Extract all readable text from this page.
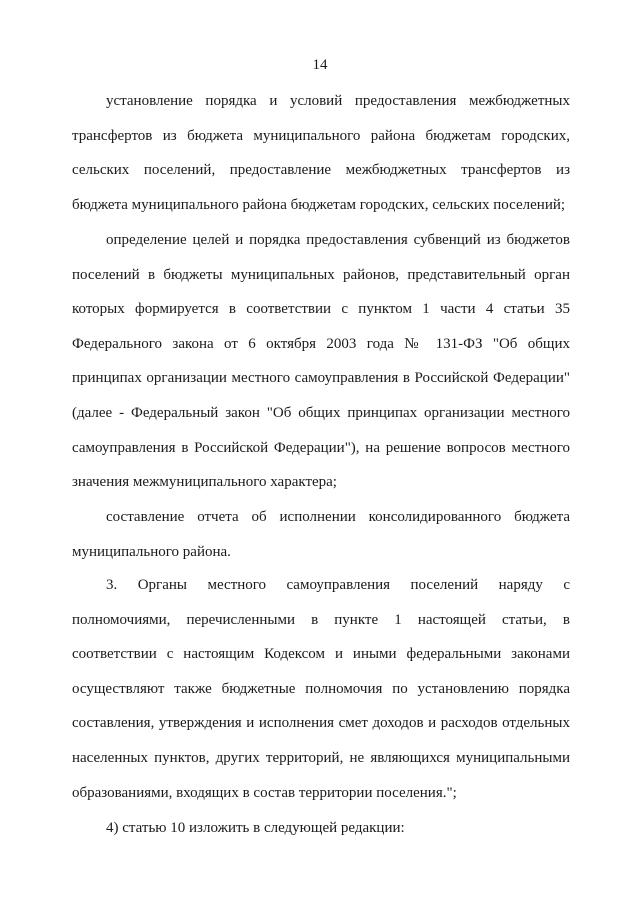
14

установление порядка и условий предоставления межбюджетных трансфертов из бюджета муниципального района бюджетам городских, сельских поселений, предоставление межбюджетных трансфертов из бюджета муниципального района бюджетам городских, сельских поселений;

определение целей и порядка предоставления субвенций из бюджетов поселений в бюджеты муниципальных районов, представительный орган которых формируется в соответствии с пунктом 1 части 4 статьи 35 Федерального закона от 6 октября 2003 года № 131-ФЗ "Об общих принципах организации местного самоуправления в Российской Федерации" (далее - Федеральный закон "Об общих принципах организации местного самоуправления в Российской Федерации"), на решение вопросов местного значения межмуниципального характера;

составление отчета об исполнении консолидированного бюджета муниципального района.

3. Органы местного самоуправления поселений наряду с полномочиями, перечисленными в пункте 1 настоящей статьи, в соответствии с настоящим Кодексом и иными федеральными законами осуществляют также бюджетные полномочия по установлению порядка составления, утверждения и исполнения смет доходов и расходов отдельных населенных пунктов, других территорий, не являющихся муниципальными образованиями, входящих в состав территории поселения.";

4) статью 10 изложить в следующей редакции:
